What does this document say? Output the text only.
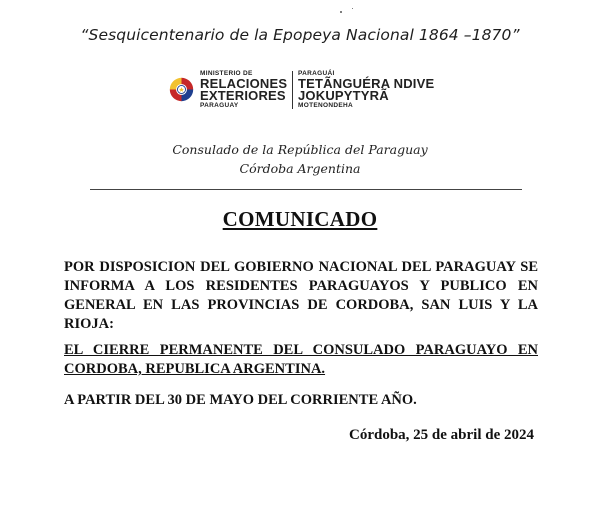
“Sesquicentenario de la Epopeya Nacional 1864 –1870”
MINISTERIO DE
RELACIONES
EXTERIORES
PARAGUAY
PARAGUÁI
TETÃNGUÉRA NDIVE
JOKUPYTYRÃ
MOTENONDEHA
Consulado de la República del Paraguay
Córdoba Argentina
COMUNICADO
POR DISPOSICION DEL GOBIERNO NACIONAL DEL PARAGUAY SE INFORMA A LOS RESIDENTES PARAGUAYOS Y PUBLICO EN GENERAL EN LAS PROVINCIAS DE CORDOBA, SAN LUIS Y LA RIOJA:
EL CIERRE PERMANENTE DEL CONSULADO PARAGUAYO EN CORDOBA, REPUBLICA ARGENTINA.
A PARTIR DEL 30 DE MAYO DEL CORRIENTE AÑO.
Córdoba, 25 de abril de 2024
